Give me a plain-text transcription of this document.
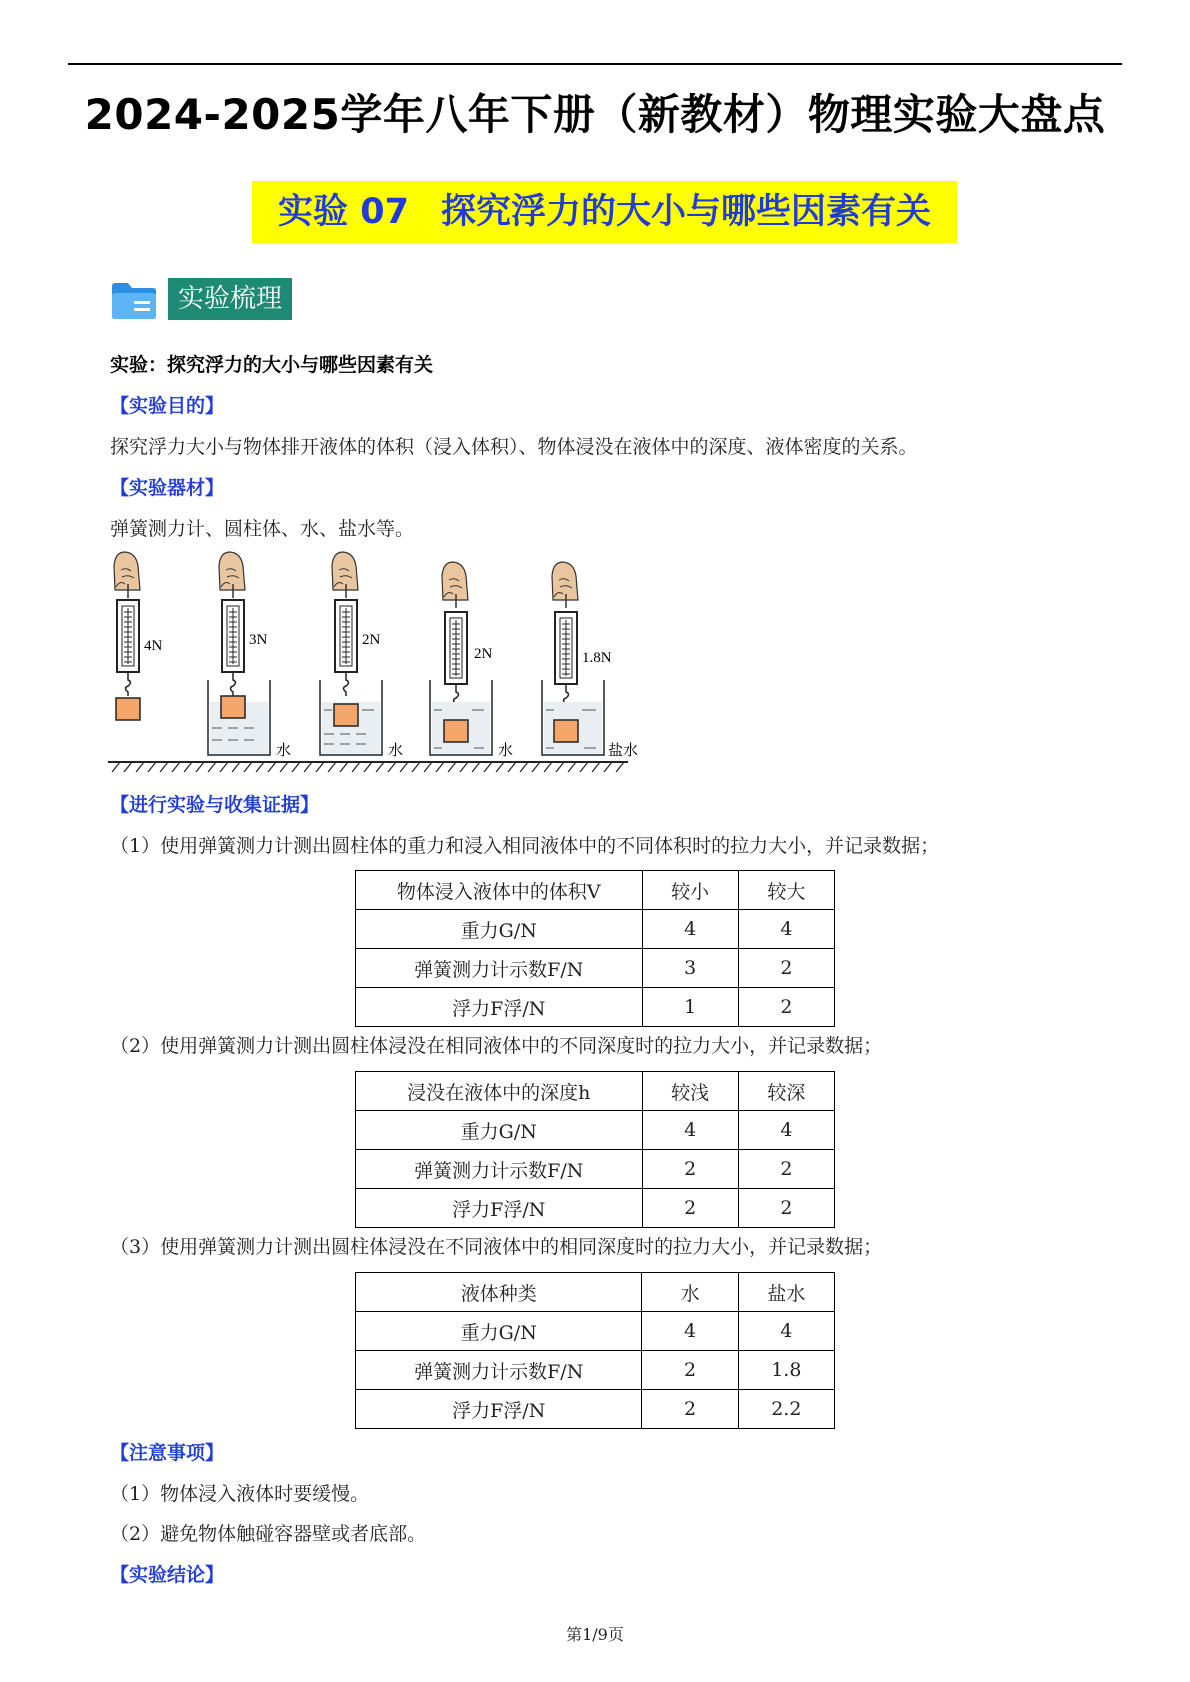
2024-2025学年八年下册（新教材）物理实验大盘点
实验 07 探究浮力的大小与哪些因素有关
实验梳理
实验：探究浮力的大小与哪些因素有关
【实验目的】
探究浮力大小与物体排开液体的体积（浸入体积）、物体浸没在液体中的深度、液体密度的关系。
【实验器材】
弹簧测力计、圆柱体、水、盐水等。
4N	3N
水
2N
水
2N
水
1.8N
盐水
【进行实验与收集证据】
（1）使用弹簧测力计测出圆柱体的重力和浸入相同液体中的不同体积时的拉力大小，并记录数据；
物体浸入液体中的体积V	较小	较大
重力G/N	4	4
弹簧测力计示数F/N	3	2
浮力F浮/N	1	2
（2）使用弹簧测力计测出圆柱体浸没在相同液体中的不同深度时的拉力大小，并记录数据；
浸没在液体中的深度h	较浅	较深
重力G/N	4	4
弹簧测力计示数F/N	2	2
浮力F浮/N	2	2
（3）使用弹簧测力计测出圆柱体浸没在不同液体中的相同深度时的拉力大小，并记录数据；
液体种类	水	盐水
重力G/N	4	4
弹簧测力计示数F/N	2	1.8
浮力F浮/N	2	2.2
【注意事项】
（1）物体浸入液体时要缓慢。
（2）避免物体触碰容器壁或者底部。
【实验结论】
第1/9页
